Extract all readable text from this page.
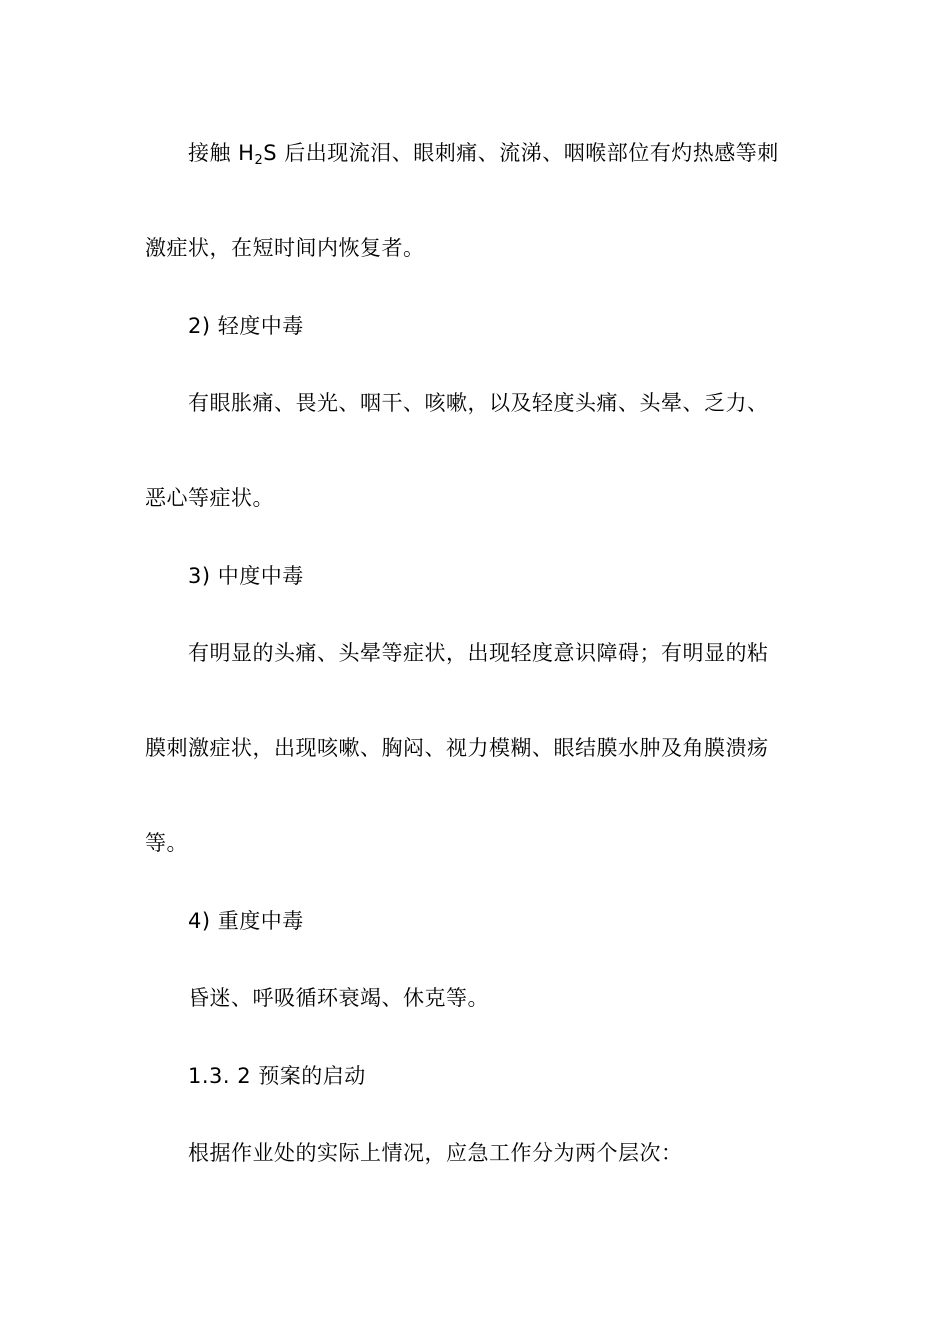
接触 $H_2S$ 后出现流泪、眼刺痛、流涕、咽喉部位有灼热感等刺
激症状，在短时间内恢复者。
2) 轻度中毒
有眼胀痛、畏光、咽干、咳嗽，以及轻度头痛、头晕、乏力、
恶心等症状。
3) 中度中毒
有明显的头痛、头晕等症状，出现轻度意识障碍；有明显的粘
膜刺激症状，出现咳嗽、胸闷、视力模糊、眼结膜水肿及角膜溃疡
等。
4) 重度中毒
昏迷、呼吸循环衰竭、休克等。
1.3. 2 预案的启动
根据作业处的实际上情况，应急工作分为两个层次：
